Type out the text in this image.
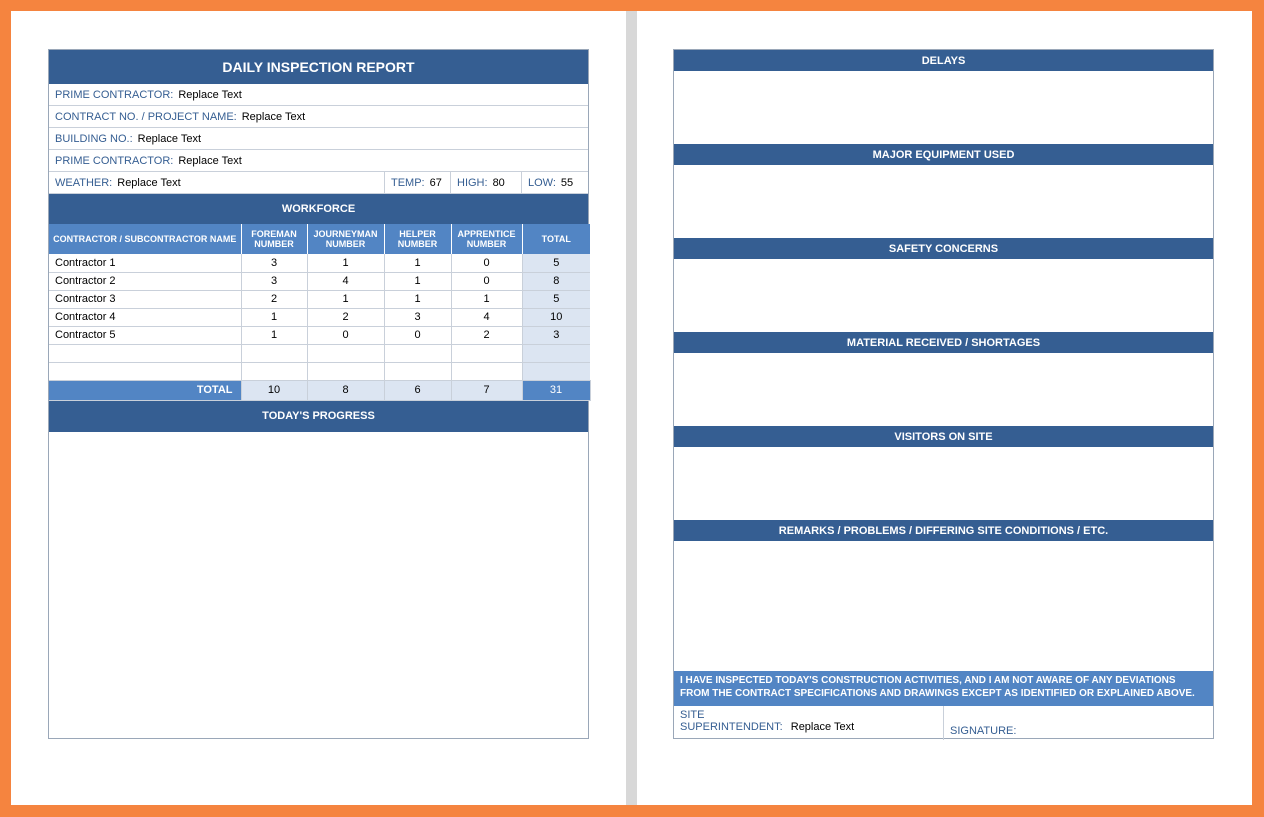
DAILY INSPECTION REPORT
PRIME CONTRACTOR: Replace Text
CONTRACT NO. / PROJECT NAME: Replace Text
BUILDING NO.: Replace Text
PRIME CONTRACTOR: Replace Text
WEATHER: Replace Text	TEMP: 67 HIGH: 80 LOW: 55
WORKFORCE
CONTRACTOR / SUBCONTRACTOR NAME	FOREMAN NUMBER	JOURNEYMAN NUMBER	HELPER NUMBER	APPRENTICE NUMBER	TOTAL
Contractor 1	3	1	1	0	5
Contractor 2	3	4	1	0	8
Contractor 3	2	1	1	1	5
Contractor 4	1	2	3	4	10
Contractor 5	1	0	0	2	3

TOTAL	10	8	6	7	31
TODAY'S PROGRESS
DELAYS
MAJOR EQUIPMENT USED
SAFETY CONCERNS
MATERIAL RECEIVED / SHORTAGES
VISITORS ON SITE
REMARKS / PROBLEMS / DIFFERING SITE CONDITIONS / ETC.
I HAVE INSPECTED TODAY'S CONSTRUCTION ACTIVITIES, AND I AM NOT AWARE OF ANY DEVIATIONS
FROM THE CONTRACT SPECIFICATIONS AND DRAWINGS EXCEPT AS IDENTIFIED OR EXPLAINED ABOVE.
SITE
SUPERINTENDENT: Replace Text	SIGNATURE:
